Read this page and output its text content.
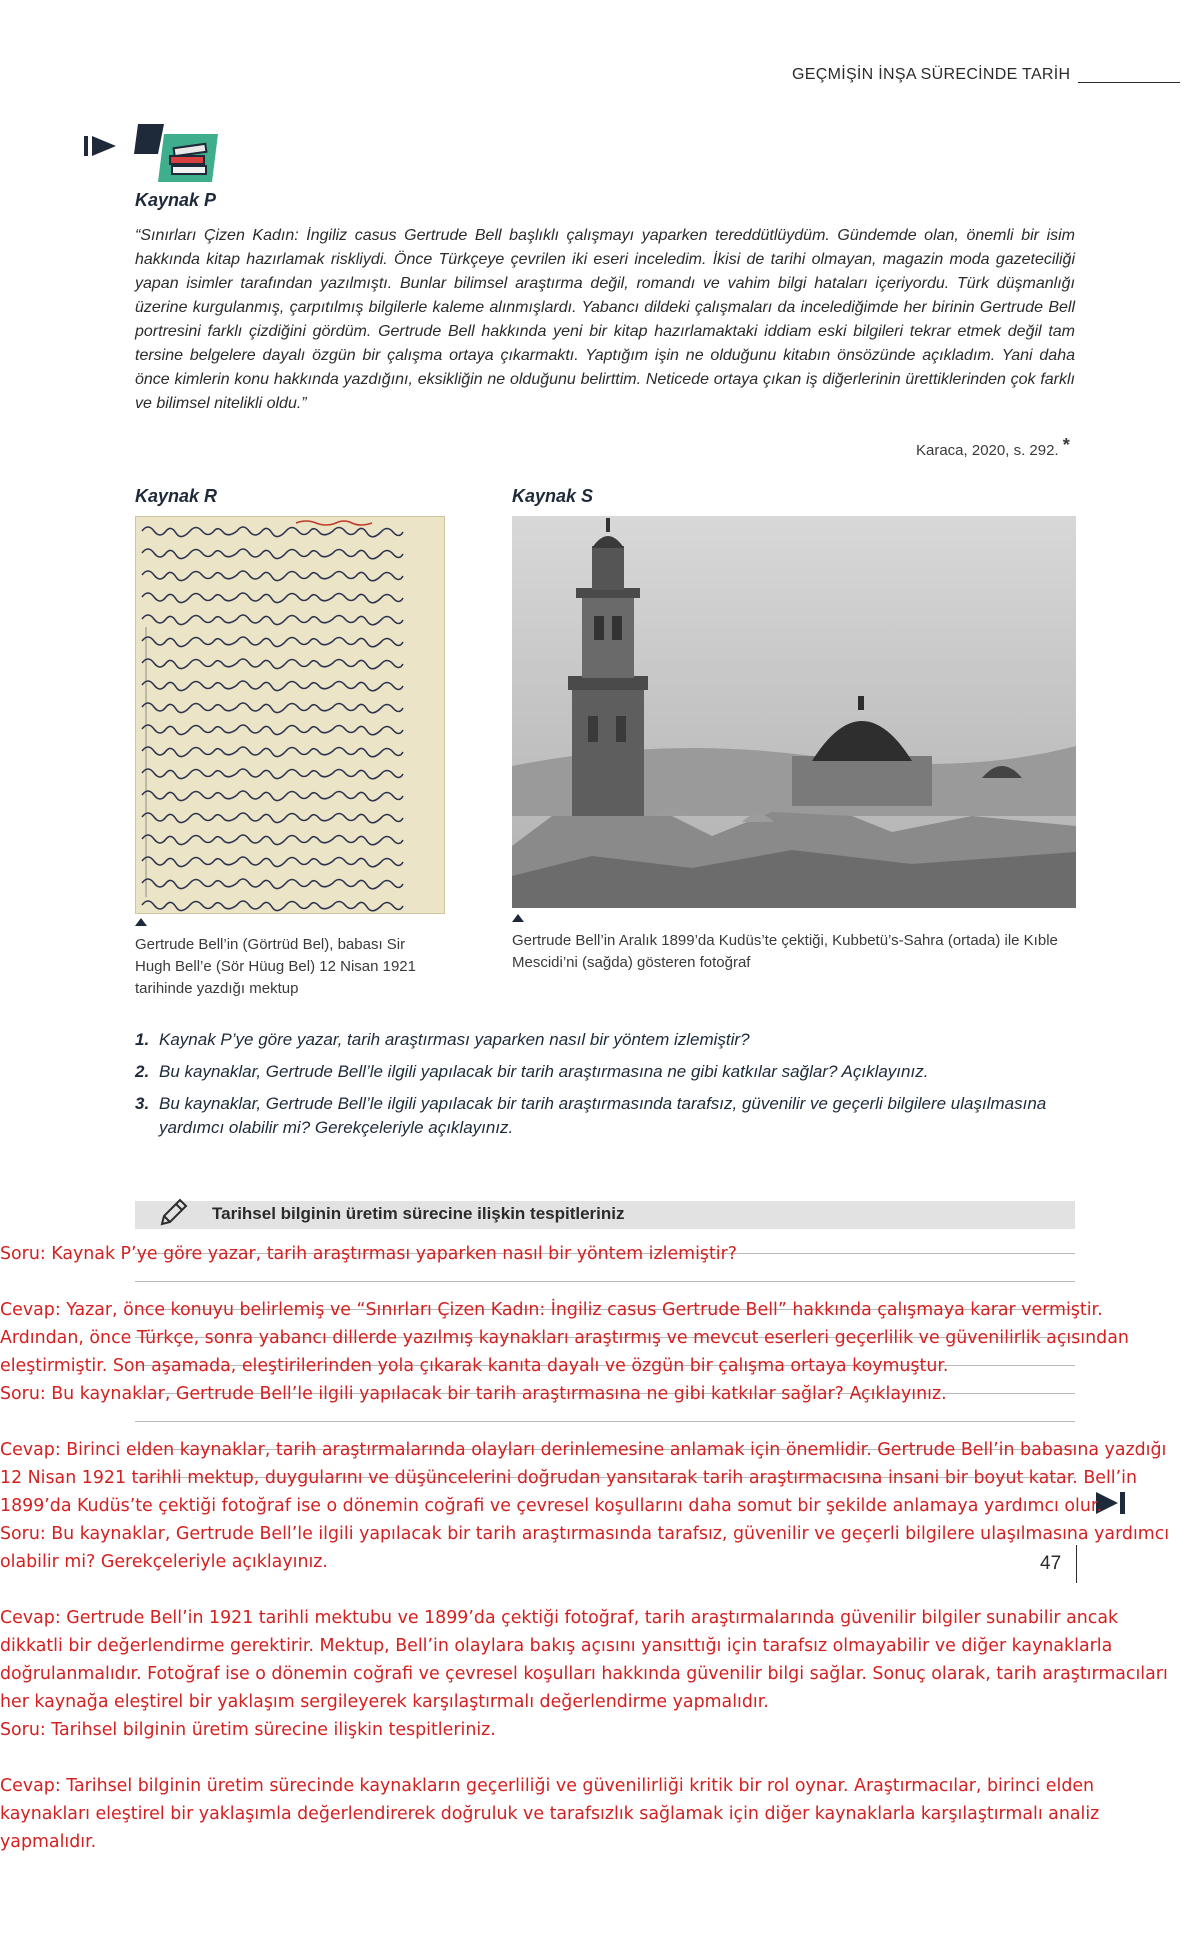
GEÇMİŞİN İNŞA SÜRECİNDE TARİH
Kaynak P
“Sınırları Çizen Kadın: İngiliz casus Gertrude Bell başlıklı çalışmayı yaparken tereddütlüydüm. Gündemde olan, önemli bir isim hakkında kitap hazırlamak riskliydi. Önce Türkçeye çevrilen iki eseri inceledim. İkisi de tarihi olmayan, magazin moda gazeteciliği yapan isimler tarafından yazılmıştı. Bunlar bilimsel araştırma değil, romandı ve vahim bilgi hataları içeriyordu. Türk düşmanlığı üzerine kurgulanmış, çarpıtılmış bilgilerle kaleme alınmışlardı. Yabancı dildeki çalışmaları da incelediğimde her birinin Gertrude Bell portresini farklı çizdiğini gördüm. Gertrude Bell hakkında yeni bir kitap hazırlamaktaki iddiam eski bilgileri tekrar etmek değil tam tersine belgelere dayalı özgün bir çalışma ortaya çıkarmaktı. Yaptığım işin ne olduğunu kitabın önsözünde açıkladım. Yani daha önce kimlerin konu hakkında yazdığını, eksikliğin ne olduğunu belirttim. Neticede ortaya çıkan iş diğerlerinin ürettiklerinden çok farklı ve bilimsel nitelikli oldu.”
Karaca, 2020, s. 292. *
Kaynak R	Kaynak S
Gertrude Bell’in (Görtrüd Bel), babası Sir Hugh Bell’e (Sör Hüug Bel) 12 Nisan 1921 tarihinde yazdığı mektup
Gertrude Bell’in Aralık 1899’da Kudüs’te çektiği, Kubbetü’s-Sahra (ortada) ile Kıble Mescidi’ni (sağda) gösteren fotoğraf
1. Kaynak P’ye göre yazar, tarih araştırması yaparken nasıl bir yöntem izlemiştir?
2. Bu kaynaklar, Gertrude Bell’le ilgili yapılacak bir tarih araştırmasına ne gibi katkılar sağlar? Açıklayınız.
3. Bu kaynaklar, Gertrude Bell’le ilgili yapılacak bir tarih araştırmasında tarafsız, güvenilir ve geçerli bilgilere ulaşılmasına yardımcı olabilir mi? Gerekçeleriyle açıklayınız.
Tarihsel bilginin üretim sürecine ilişkin tespitleriniz
47

Soru: Kaynak P’ye göre yazar, tarih araştırması yaparken nasıl bir yöntem izlemiştir?

Cevap: Yazar, önce konuyu belirlemiş ve “Sınırları Çizen Kadın: İngiliz casus Gertrude Bell” hakkında çalışmaya karar vermiştir. Ardından, önce Türkçe, sonra yabancı dillerde yazılmış kaynakları araştırmış ve mevcut eserleri geçerlilik ve güvenilirlik açısından eleştirmiştir. Son aşamada, eleştirilerinden yola çıkarak kanıta dayalı ve özgün bir çalışma ortaya koymuştur.

Soru: Bu kaynaklar, Gertrude Bell’le ilgili yapılacak bir tarih araştırmasına ne gibi katkılar sağlar? Açıklayınız.

Cevap: Birinci elden kaynaklar, tarih araştırmalarında olayları derinlemesine anlamak için önemlidir. Gertrude Bell’in babasına yazdığı 12 Nisan 1921 tarihli mektup, duygularını ve düşüncelerini doğrudan yansıtarak tarih araştırmacısına insani bir boyut katar. Bell’in 1899’da Kudüs’te çektiği fotoğraf ise o dönemin coğrafi ve çevresel koşullarını daha somut bir şekilde anlamaya yardımcı olur.

Soru: Bu kaynaklar, Gertrude Bell’le ilgili yapılacak bir tarih araştırmasında tarafsız, güvenilir ve geçerli bilgilere ulaşılmasına yardımcı olabilir mi? Gerekçeleriyle açıklayınız.

Cevap: Gertrude Bell’in 1921 tarihli mektubu ve 1899’da çektiği fotoğraf, tarih araştırmalarında güvenilir bilgiler sunabilir ancak dikkatli bir değerlendirme gerektirir. Mektup, Bell’in olaylara bakış açısını yansıttığı için tarafsız olmayabilir ve diğer kaynaklarla doğrulanmalıdır. Fotoğraf ise o dönemin coğrafi ve çevresel koşulları hakkında güvenilir bilgi sağlar. Sonuç olarak, tarih araştırmacıları her kaynağa eleştirel bir yaklaşım sergileyerek karşılaştırmalı değerlendirme yapmalıdır.

Soru: Tarihsel bilginin üretim sürecine ilişkin tespitleriniz.

Cevap: Tarihsel bilginin üretim sürecinde kaynakların geçerliliği ve güvenilirliği kritik bir rol oynar. Araştırmacılar, birinci elden kaynakları eleştirel bir yaklaşımla değerlendirerek doğruluk ve tarafsızlık sağlamak için diğer kaynaklarla karşılaştırmalı analiz yapmalıdır.
